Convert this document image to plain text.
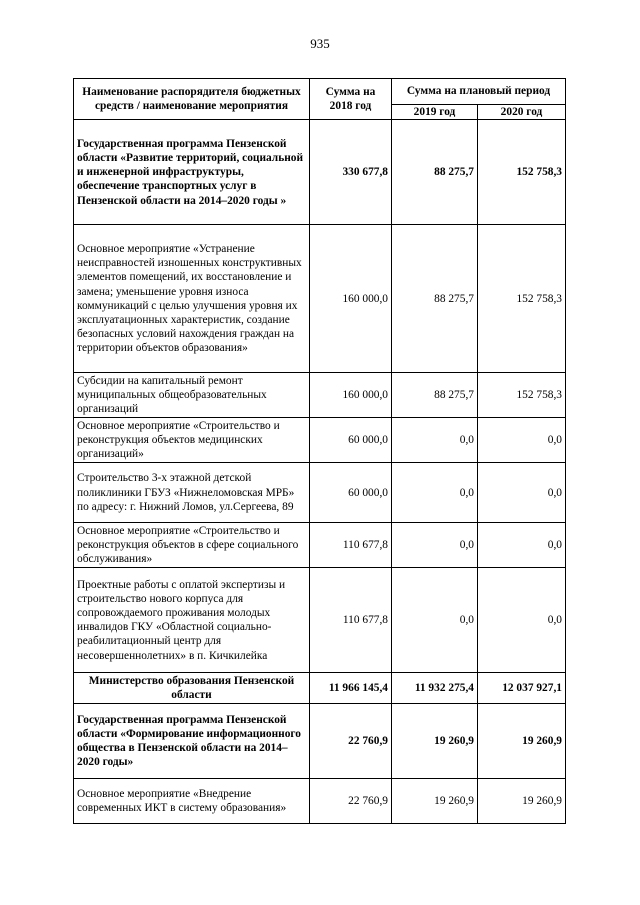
935
Наименование распорядителя бюджетных средств / наименование мероприятия	Сумма на 2018 год	Сумма на плановый период	
		2019 год	2020 год
Государственная программа Пензенской области «Развитие территорий, социальной и инженерной инфраструктуры, обеспечение транспортных услуг в Пензенской области на 2014–2020 годы »	330 677,8	88 275,7	152 758,3
Основное мероприятие «Устранение неисправностей изношенных конструктивных элементов помещений, их восстановление и замена; уменьшение уровня износа коммуникаций с целью улучшения уровня их эксплуатационных характеристик, создание безопасных условий нахождения граждан на территории объектов образования»	160 000,0	88 275,7	152 758,3
Субсидии на капитальный ремонт муниципальных общеобразовательных организаций	160 000,0	88 275,7	152 758,3
Основное мероприятие «Строительство и реконструкция объектов медицинских организаций»	60 000,0	0,0	0,0
Строительство 3-х этажной детской поликлиники ГБУЗ «Нижнеломовская МРБ» по адресу: г. Нижний Ломов, ул.Сергеева, 89	60 000,0	0,0	0,0
Основное мероприятие «Строительство и реконструкция объектов в сфере социального обслуживания»	110 677,8	0,0	0,0
Проектные работы с оплатой экспертизы и строительство нового корпуса для сопровождаемого проживания молодых инвалидов ГКУ «Областной социально-реабилитационный центр для несовершеннолетних» в п. Кичкилейка	110 677,8	0,0	0,0
Министерство образования Пензенской области	11 966 145,4	11 932 275,4	12 037 927,1
Государственная программа Пензенской области «Формирование информационного общества в Пензенской области на 2014–2020 годы»	22 760,9	19 260,9	19 260,9
Основное мероприятие «Внедрение современных ИКТ в систему образования»	22 760,9	19 260,9	19 260,9
